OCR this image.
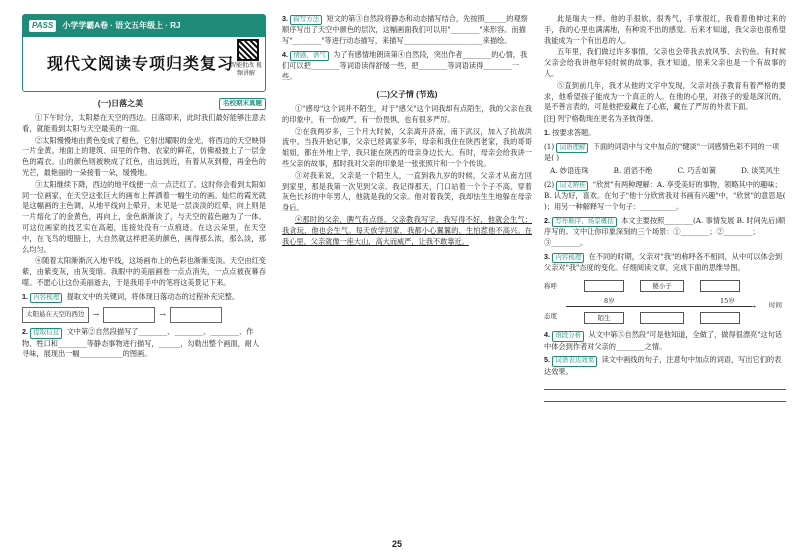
PASS	小学学霸A卷 · 语文五年级上 · RJ
现代文阅读专项归类复习
智能批改 视频讲解
(一)日落之美	名校期末真题

①下午时分，太阳悬在天空的西边。日落即来，此时我们最好能够注意去看，就能看到太阳与天空最美的一面。

②太阳慢慢地由黄色变成了橙色，它射出耀眼的金光，将西边的天空映得一片金黄。地面上的建筑、田里的作物、农家的鲜花，仿佛被披上了一层金色的霞衣。山的颜色则被映成了红色，由远到近，有着从灰到橙，再金色的光芒，最艳丽的一朵接着一朵，缓慢地。

③太阳继续下降，西边的地平线便一点一点泛红了。这时你会看到太阳如同一位画家，在天空这张巨大的画布上挥洒着一幅生动的画。灿烂的霞光就是这幅画的主色调，从地平线向上晕开，未见是一层淡淡的红晕，向上则是一片熔化了的金黄色，再向上，金色渐渐淡了，与天空的蓝色融为了一体。可这位画家的技艺实在高超，连接处没有一点痕迹。在这云朵里，在天空中，在飞鸟的翅膀上，大自然就这样把美的颜色，画得那么浓，那么淡，那么均匀。

④随着太阳渐渐沉入地平线，这场画布上的色彩也渐渐变淡。天空由红变紫，由紫变灰，由灰变暗。我眼中的美丽画卷一点点消失，一点点被夜幕吞噬。不愿心让这份美丽逝去，于是我用手中的笔将这美景记下来。

1. 内容梳理 提取文中的关键词，将体现日落动态的过程补充完整。
太阳悬在天空的西边	→	→
2. 提取信息 文中第②自然段描写了________、________、________、作物、牲口和________等静态事物进行描写，______，勾勒出整个画面，耐人寻味，展现出一幅____________的图画。
3. 描写方法 短文的第③自然段将静态和动态描写结合，先按照______的观察顺序写出了天空中颜色的层次，这幅画面我们可以用"________"来形容。而描写"________"等进行动态描写，来描写______________________来描绘。
4. 情感、语气 为了有感情地朗读第④自然段，突出作者________的心情，我们可以把________等词语读得舒缓一些，把________等词语读得________一些。
(二)父子情 (节选)

①"感母"这个词并不陌生，对于"感父"这个词我却有点陌生，我的父亲在我的印象中，有一份威严，有一份畏惧，也有很多严厉。

②在我两岁多，三个月大时候，父亲离开济南，南下武汉，加入了抗战洪流中。当我开始记事，父亲已经离家多年，母亲和我住在陕西老家，我的哥哥姐姐，都在外地上学，我只能在陕西的母亲身边长大。有时，母亲会给我讲一些父亲的故事，那时我对父亲的印象是一张张照片和一个个传说。

③对我来说，父亲是一个陌生人，一直到我九岁的时候，父亲才从南方回到家里，那是我第一次见到父亲。我记得那天，门口站着一个个子不高、穿着灰色长衫的中年男人，他就是我的父亲。他对着我笑，我却怯生生地躲在母亲身后。

④那时的父亲，脾气有点怪。父亲教我写字，我写得不好，他就会生气；我贪玩，他也会生气。每天放学回家，我都小心翼翼的，生怕惹他不高兴。在我心里，父亲就像一座大山，高大而威严，让我不敢靠近。

此是瑞夫一样。他的手很软，很秀气，手掌很红，我看着他伸过来的手，我的心里也满满地，有种说不出的感觉。后来才知道，我父亲也很希望我能成为一个有出息的人。

五年里，我们做过许多事情，父亲也会带我去放风筝、去钓鱼。有时候父亲会给我讲他年轻时候的故事，我才知道，原来父亲也是一个有故事的人。

⑤直到前几年，我才从他的文字中发现，父亲对孩子教育有着严格的要求，他希望孩子能成为一个真正的人。在他的心里，对孩子的爱是深沉的，是不善言表的，可是他把爱藏在了心底，藏在了严厉的外表下面。

[注] 列宁格勒现在更名为圣彼得堡。
1. 按要求答题。
(1) 词语理解 下面的词语中与文中加点的"健谈"一词感情色彩不同的一项是( )
A. 妙语连珠	B. 滔滔不绝	C. 巧舌如簧	D. 谈笑风生
(2) 词义辨析 "欣赏"有两种理解：A. 享受美好的事物，领略其中的趣味；B. 认为好，喜欢。在句子"他十分欣赏我对书画有兴趣"中，"欣赏"的意思是( )；用另一种解释写一个句子：__________。
2. 写作顺序、场景概括 本文主要按照________(A. 事情发展 B. 时间先后)顺序写的。文中让你印象深刻的三个场景：①________；②________；③________。
3. 内容梳理 在不同的时期，父亲对"我"的称呼各不相同，从中可以体会到父亲对"我"态度的变化。仔细阅读文章，完成下面的思维导图。
称呼	傻小子
8岁	15岁
→ 时间
态度	陌生
4. 语段分析 从文中第⑤自然段"可是他知道，全做了，做得很漂亮"这句话中体会到作者对父亲的________之情。
5. 词语表达效果 读文中画线的句子，注意句中加点的词语，写出它们的表达效果。
25
